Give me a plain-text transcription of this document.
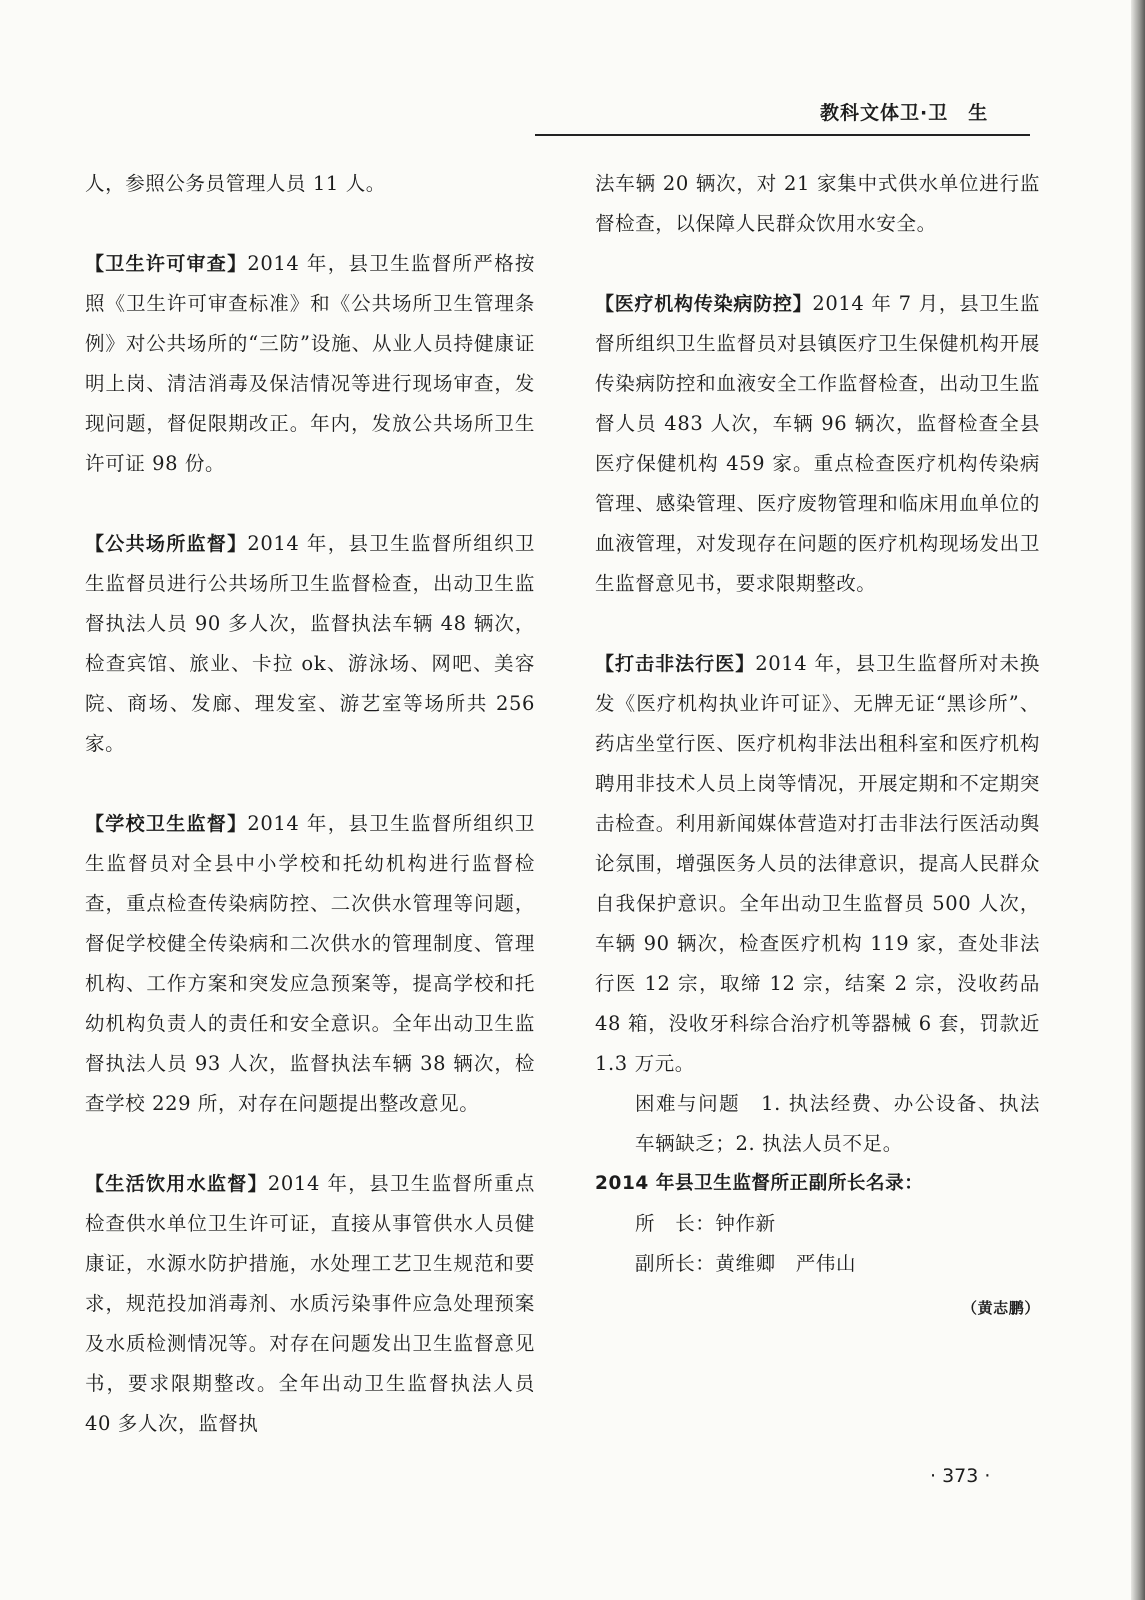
教科文体卫·卫　生

人，参照公务员管理人员 11 人。

【卫生许可审查】2014 年，县卫生监督所严格按照《卫生许可审查标准》和《公共场所卫生管理条例》对公共场所的“三防”设施、从业人员持健康证明上岗、清洁消毒及保洁情况等进行现场审查，发现问题，督促限期改正。年内，发放公共场所卫生许可证 98 份。

【公共场所监督】2014 年，县卫生监督所组织卫生监督员进行公共场所卫生监督检查，出动卫生监督执法人员 90 多人次，监督执法车辆 48 辆次，检查宾馆、旅业、卡拉 ok、游泳场、网吧、美容院、商场、发廊、理发室、游艺室等场所共 256 家。

【学校卫生监督】2014 年，县卫生监督所组织卫生监督员对全县中小学校和托幼机构进行监督检查，重点检查传染病防控、二次供水管理等问题，督促学校健全传染病和二次供水的管理制度、管理机构、工作方案和突发应急预案等，提高学校和托幼机构负责人的责任和安全意识。全年出动卫生监督执法人员 93 人次，监督执法车辆 38 辆次，检查学校 229 所，对存在问题提出整改意见。

【生活饮用水监督】2014 年，县卫生监督所重点检查供水单位卫生许可证，直接从事管供水人员健康证，水源水防护措施，水处理工艺卫生规范和要求，规范投加消毒剂、水质污染事件应急处理预案及水质检测情况等。对存在问题发出卫生监督意见书，要求限期整改。全年出动卫生监督执法人员 40 多人次，监督执

法车辆 20 辆次，对 21 家集中式供水单位进行监督检查，以保障人民群众饮用水安全。

【医疗机构传染病防控】2014 年 7 月，县卫生监督所组织卫生监督员对县镇医疗卫生保健机构开展传染病防控和血液安全工作监督检查，出动卫生监督人员 483 人次，车辆 96 辆次，监督检查全县医疗保健机构 459 家。重点检查医疗机构传染病管理、感染管理、医疗废物管理和临床用血单位的血液管理，对发现存在问题的医疗机构现场发出卫生监督意见书，要求限期整改。

【打击非法行医】2014 年，县卫生监督所对未换发《医疗机构执业许可证》、无牌无证“黑诊所”、药店坐堂行医、医疗机构非法出租科室和医疗机构聘用非技术人员上岗等情况，开展定期和不定期突击检查。利用新闻媒体营造对打击非法行医活动舆论氛围，增强医务人员的法律意识，提高人民群众自我保护意识。全年出动卫生监督员 500 人次，车辆 90 辆次，检查医疗机构 119 家，查处非法行医 12 宗，取缔 12 宗，结案 2 宗，没收药品 48 箱，没收牙科综合治疗机等器械 6 套，罚款近 1.3 万元。

困难与问题　1. 执法经费、办公设备、执法车辆缺乏；2. 执法人员不足。

2014 年县卫生监督所正副所长名录：

所　长：钟作新

副所长：黄维卿　严伟山

（黄志鹏）
· 373 ·
